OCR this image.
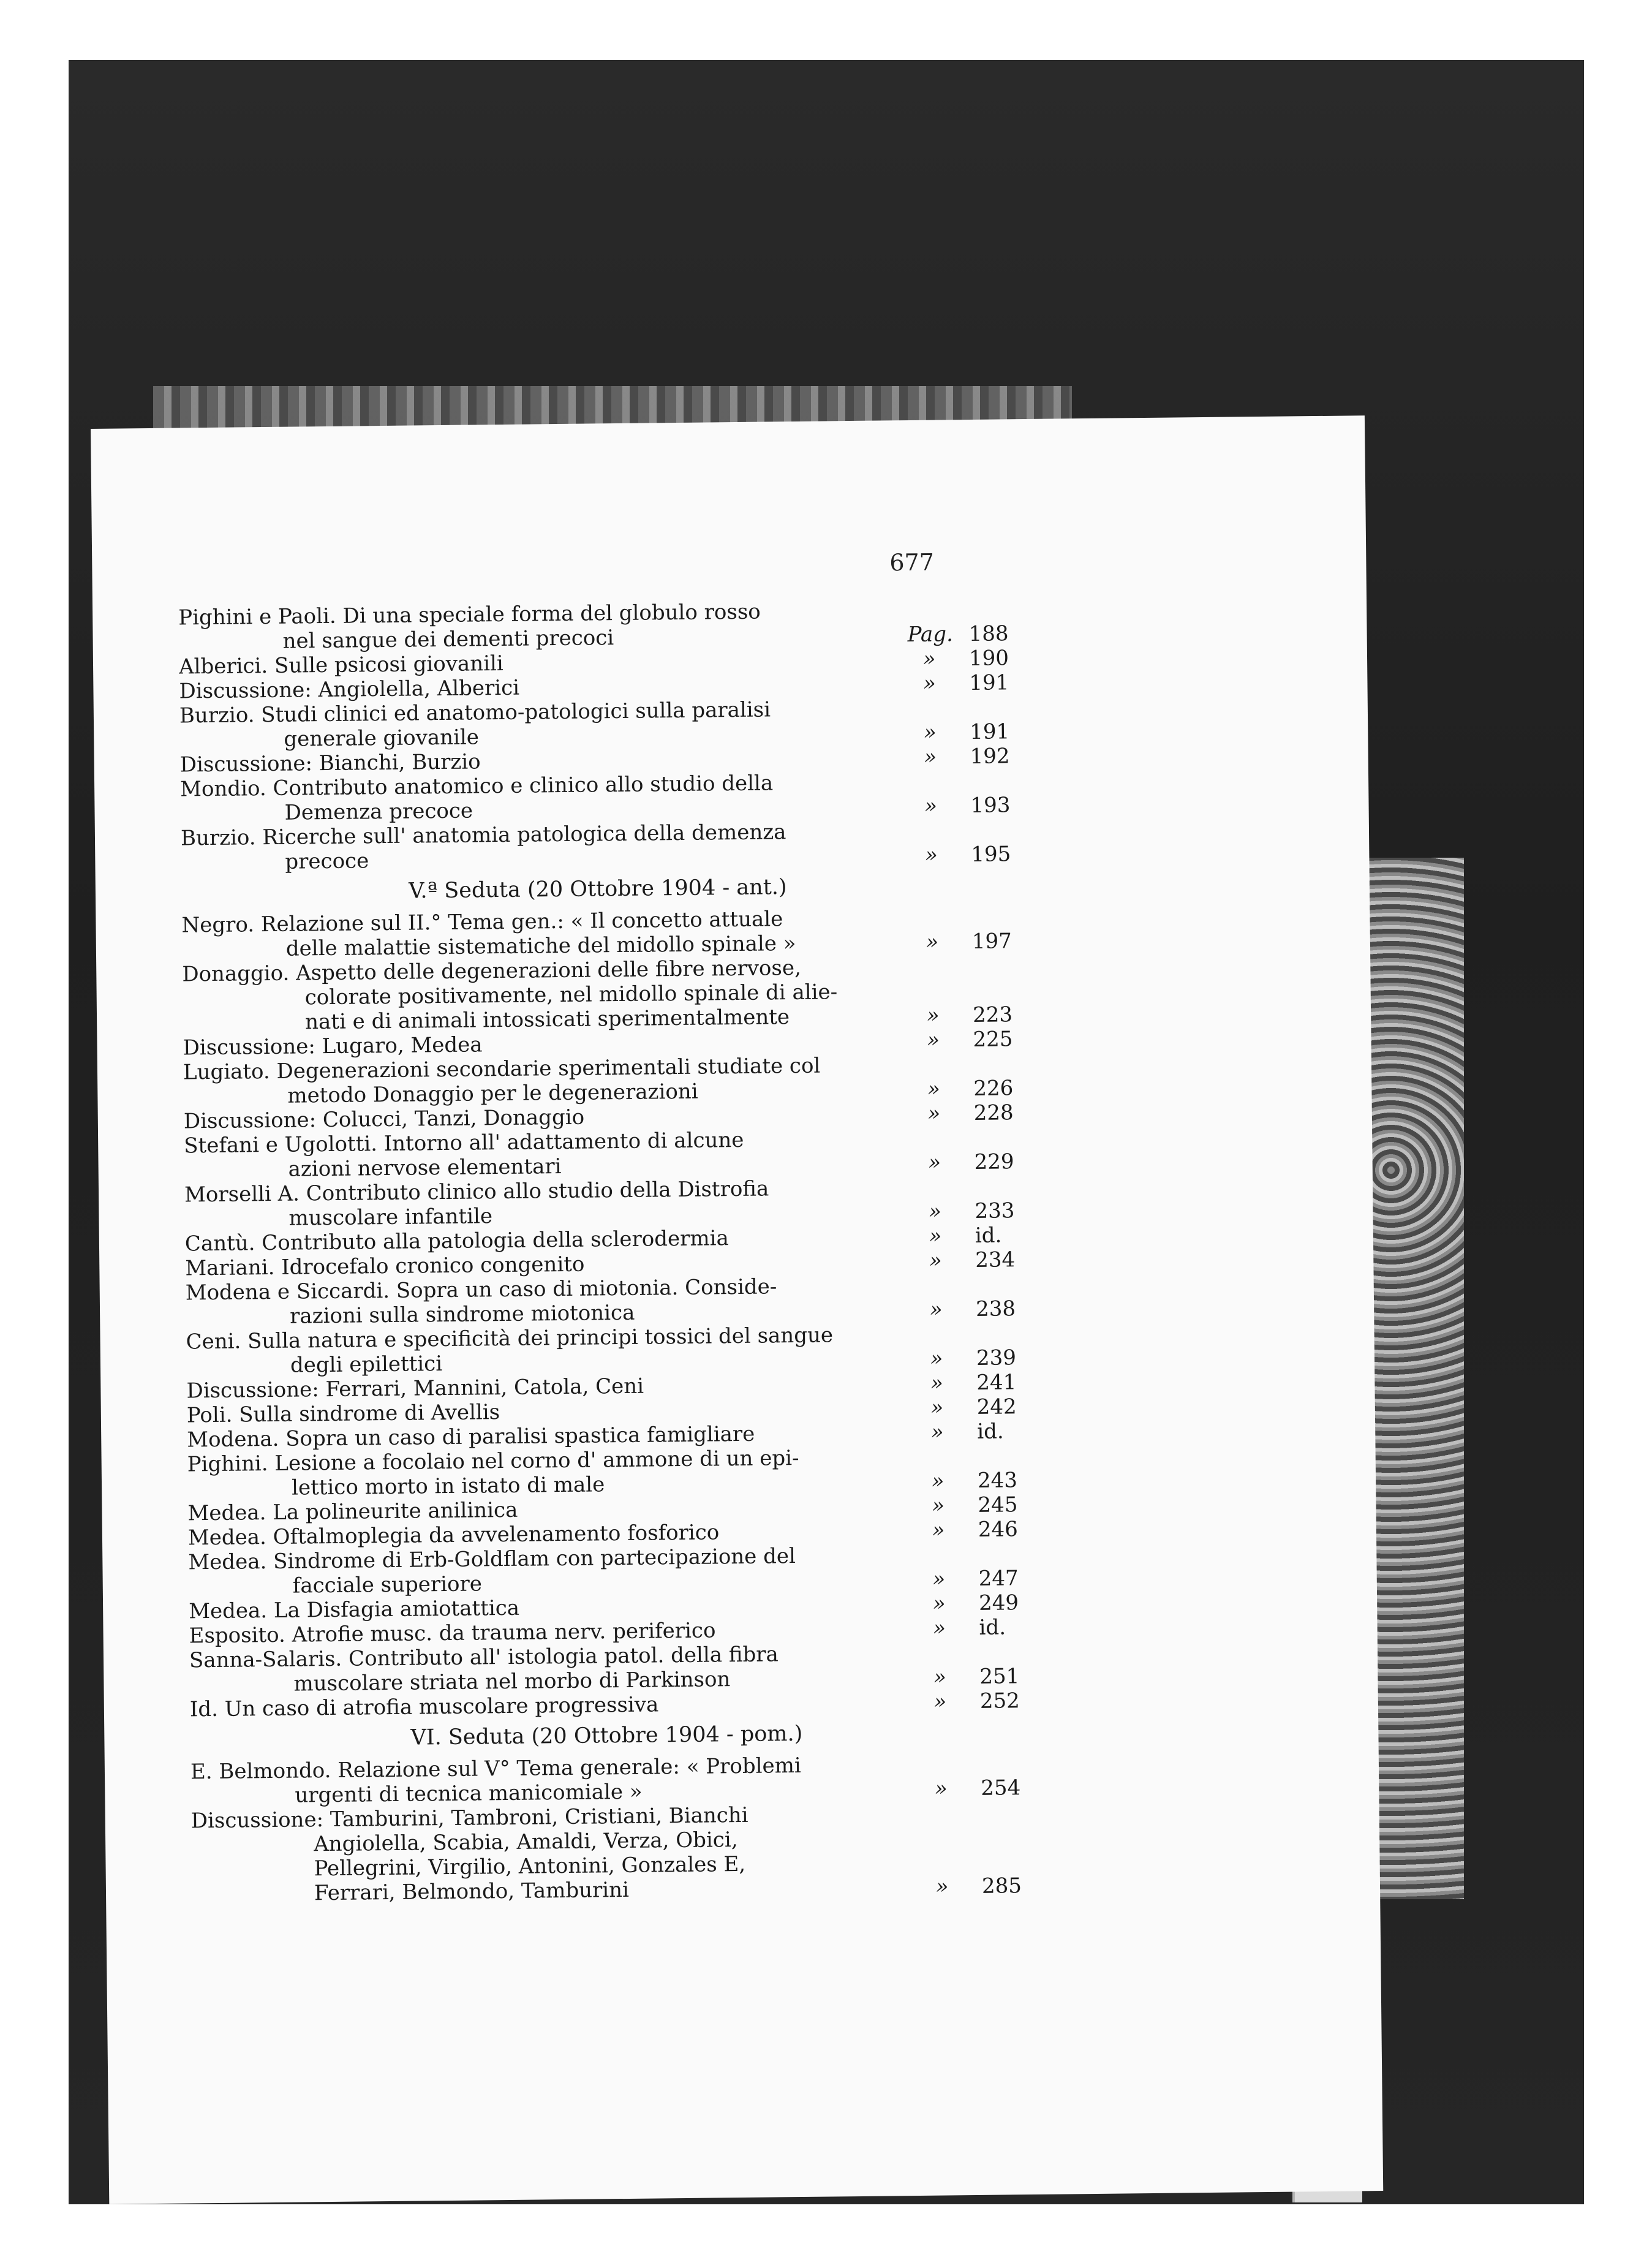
677
Pighini e Paoli. Di una speciale forma del globulo rosso
nel sangue dei dementi precoci	Pag. 188
Alberici. Sulle psicosi giovanili	»	190
Discussione: Angiolella, Alberici	»	191
Burzio. Studi clinici ed anatomo-patologici sulla paralisi
generale giovanile	»	191
Discussione: Bianchi, Burzio	»	192
Mondio. Contributo anatomico e clinico allo studio della
Demenza precoce	»	193
Burzio. Ricerche sull' anatomia patologica della demenza
precoce	»	195
V.ª Seduta (20 Ottobre 1904 - ant.)
Negro. Relazione sul II.° Tema gen.: « Il concetto attuale
delle malattie sistematiche del midollo spinale »	»	197
Donaggio. Aspetto delle degenerazioni delle fibre nervose,
colorate positivamente, nel midollo spinale di alie-
nati e di animali intossicati sperimentalmente	»	223
Discussione: Lugaro, Medea	»	225
Lugiato. Degenerazioni secondarie sperimentali studiate col
metodo Donaggio per le degenerazioni	»	226
Discussione: Colucci, Tanzi, Donaggio	»	228
Stefani e Ugolotti. Intorno all' adattamento di alcune
azioni nervose elementari	»	229
Morselli A. Contributo clinico allo studio della Distrofia
muscolare infantile	»	233
Cantù. Contributo alla patologia della sclerodermia	»	id.
Mariani. Idrocefalo cronico congenito	»	234
Modena e Siccardi. Sopra un caso di miotonia. Conside-
razioni sulla sindrome miotonica	»	238
Ceni. Sulla natura e specificità dei principi tossici del sangue
degli epilettici	»	239
Discussione: Ferrari, Mannini, Catola, Ceni	»	241
Poli. Sulla sindrome di Avellis	»	242
Modena. Sopra un caso di paralisi spastica famigliare	»	id.
Pighini. Lesione a focolaio nel corno d' ammone di un epi-
lettico morto in istato di male	»	243
Medea. La polineurite anilinica	»	245
Medea. Oftalmoplegia da avvelenamento fosforico	»	246
Medea. Sindrome di Erb-Goldflam con partecipazione del
facciale superiore	»	247
Medea. La Disfagia amiotattica	»	249
Esposito. Atrofie musc. da trauma nerv. periferico	»	id.
Sanna-Salaris. Contributo all' istologia patol. della fibra
muscolare striata nel morbo di Parkinson	»	251
Id. Un caso di atrofia muscolare progressiva	»	252
VI. Seduta (20 Ottobre 1904 - pom.)
E. Belmondo. Relazione sul V° Tema generale: « Problemi
urgenti di tecnica manicomiale »	»	254
Discussione: Tamburini, Tambroni, Cristiani, Bianchi
Angiolella, Scabia, Amaldi, Verza, Obici,
Pellegrini, Virgilio, Antonini, Gonzales E,
Ferrari, Belmondo, Tamburini	»	285
